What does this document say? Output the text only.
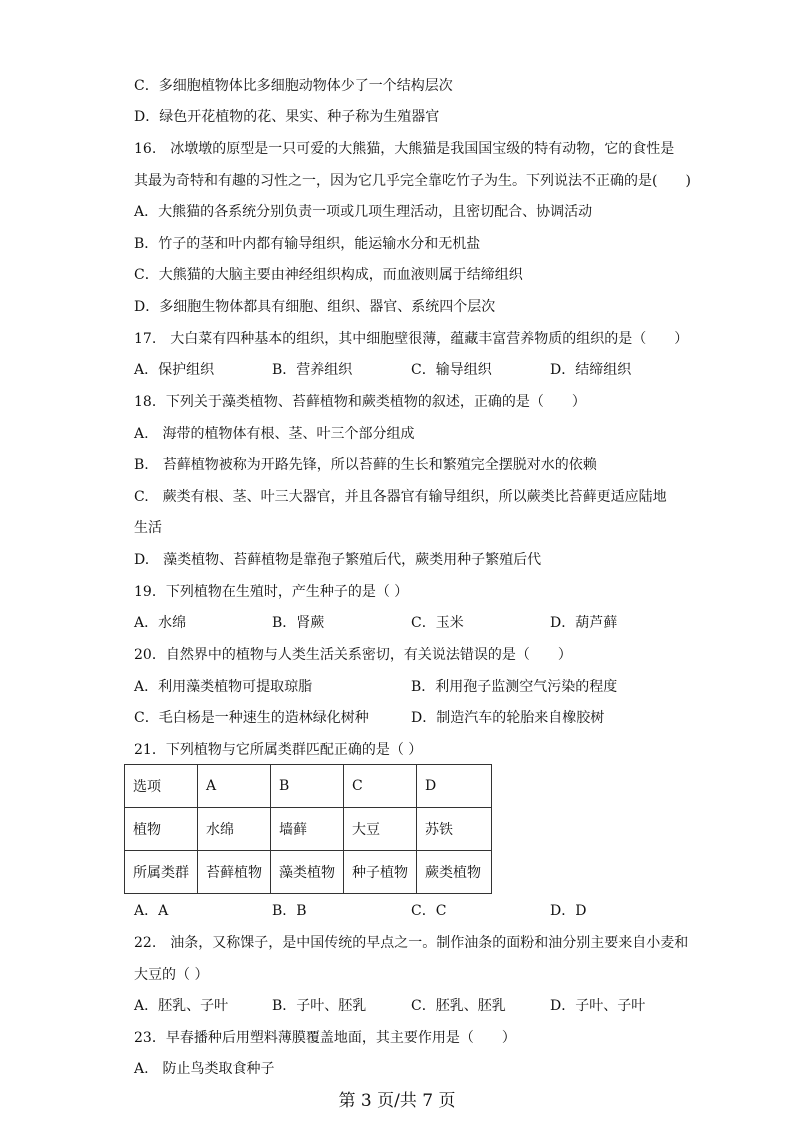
C．多细胞植物体比多细胞动物体少了一个结构层次
D．绿色开花植物的花、果实、种子称为生殖器官
16.　冰墩墩的原型是一只可爱的大熊猫，大熊猫是我国国宝级的特有动物，它的食性是
其最为奇特和有趣的习性之一，因为它几乎完全靠吃竹子为生。下列说法不正确的是(　　)
A．大熊猫的各系统分别负责一项或几项生理活动，且密切配合、协调活动
B．竹子的茎和叶内都有输导组织，能运输水分和无机盐
C．大熊猫的大脑主要由神经组织构成，而血液则属于结缔组织
D．多细胞生物体都具有细胞、组织、器官、系统四个层次
17.　大白菜有四种基本的组织，其中细胞壁很薄，蕴藏丰富营养物质的组织的是（　　）
A．保护组织	B．营养组织	C．输导组织	D．结缔组织
18．下列关于藻类植物、苔藓植物和蕨类植物的叙述，正确的是（　　）
A.　海带的植物体有根、茎、叶三个部分组成
B.　苔藓植物被称为开路先锋，所以苔藓的生长和繁殖完全摆脱对水的依赖
C.　蕨类有根、茎、叶三大器官，并且各器官有输导组织，所以蕨类比苔藓更适应陆地
生活
D.　藻类植物、苔藓植物是靠孢子繁殖后代，蕨类用种子繁殖后代
19．下列植物在生殖时，产生种子的是（ ）
A．水绵	B．肾蕨	C．玉米	D．葫芦藓
20．自然界中的植物与人类生活关系密切，有关说法错误的是（　　）
A．利用藻类植物可提取琼脂	B．利用孢子监测空气污染的程度
C．毛白杨是一种速生的造林绿化树种	D．制造汽车的轮胎来自橡胶树
21．下列植物与它所属类群匹配正确的是（ ）
选项	A	B	C	D
植物	水绵	墙藓	大豆	苏铁
所属类群	苔藓植物	藻类植物	种子植物	蕨类植物
A．A	B．B	C．C	D．D
22.　油条，又称馃子，是中国传统的早点之一。制作油条的面粉和油分别主要来自小麦和
大豆的（ ）
A．胚乳、子叶	B．子叶、胚乳	C．胚乳、胚乳	D．子叶、子叶
23．早春播种后用塑料薄膜覆盖地面，其主要作用是（　　）
A.　防止鸟类取食种子
第 3 页/共 7 页
